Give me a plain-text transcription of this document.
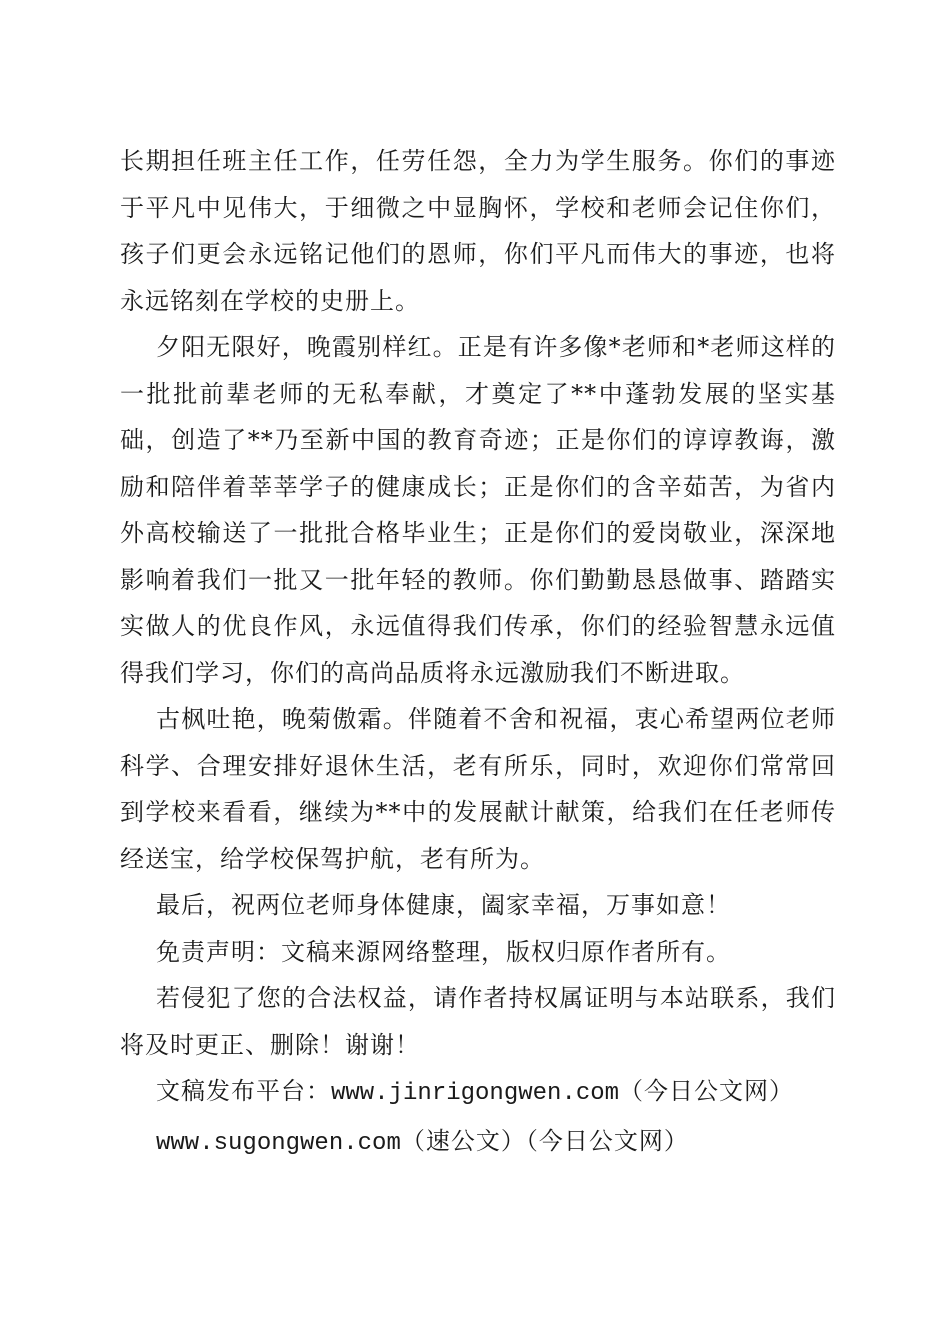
长期担任班主任工作，任劳任怨，全力为学生服务。你们的事迹于平凡中见伟大，于细微之中显胸怀，学校和老师会记住你们，孩子们更会永远铭记他们的恩师，你们平凡而伟大的事迹，也将永远铭刻在学校的史册上。

夕阳无限好，晚霞别样红。正是有许多像*老师和*老师这样的一批批前辈老师的无私奉献，才奠定了**中蓬勃发展的坚实基础，创造了**乃至新中国的教育奇迹；正是你们的谆谆教诲，激励和陪伴着莘莘学子的健康成长；正是你们的含辛茹苦，为省内外高校输送了一批批合格毕业生；正是你们的爱岗敬业，深深地影响着我们一批又一批年轻的教师。你们勤勤恳恳做事、踏踏实实做人的优良作风，永远值得我们传承，你们的经验智慧永远值得我们学习，你们的高尚品质将永远激励我们不断进取。

古枫吐艳，晚菊傲霜。伴随着不舍和祝福，衷心希望两位老师科学、合理安排好退休生活，老有所乐，同时，欢迎你们常常回到学校来看看，继续为**中的发展献计献策，给我们在任老师传经送宝，给学校保驾护航，老有所为。

最后，祝两位老师身体健康，阖家幸福，万事如意！

免责声明：文稿来源网络整理，版权归原作者所有。

若侵犯了您的合法权益，请作者持权属证明与本站联系，我们将及时更正、删除！谢谢！

文稿发布平台：www.jinrigongwen.com（今日公文网）

www.sugongwen.com（速公文）（今日公文网）
